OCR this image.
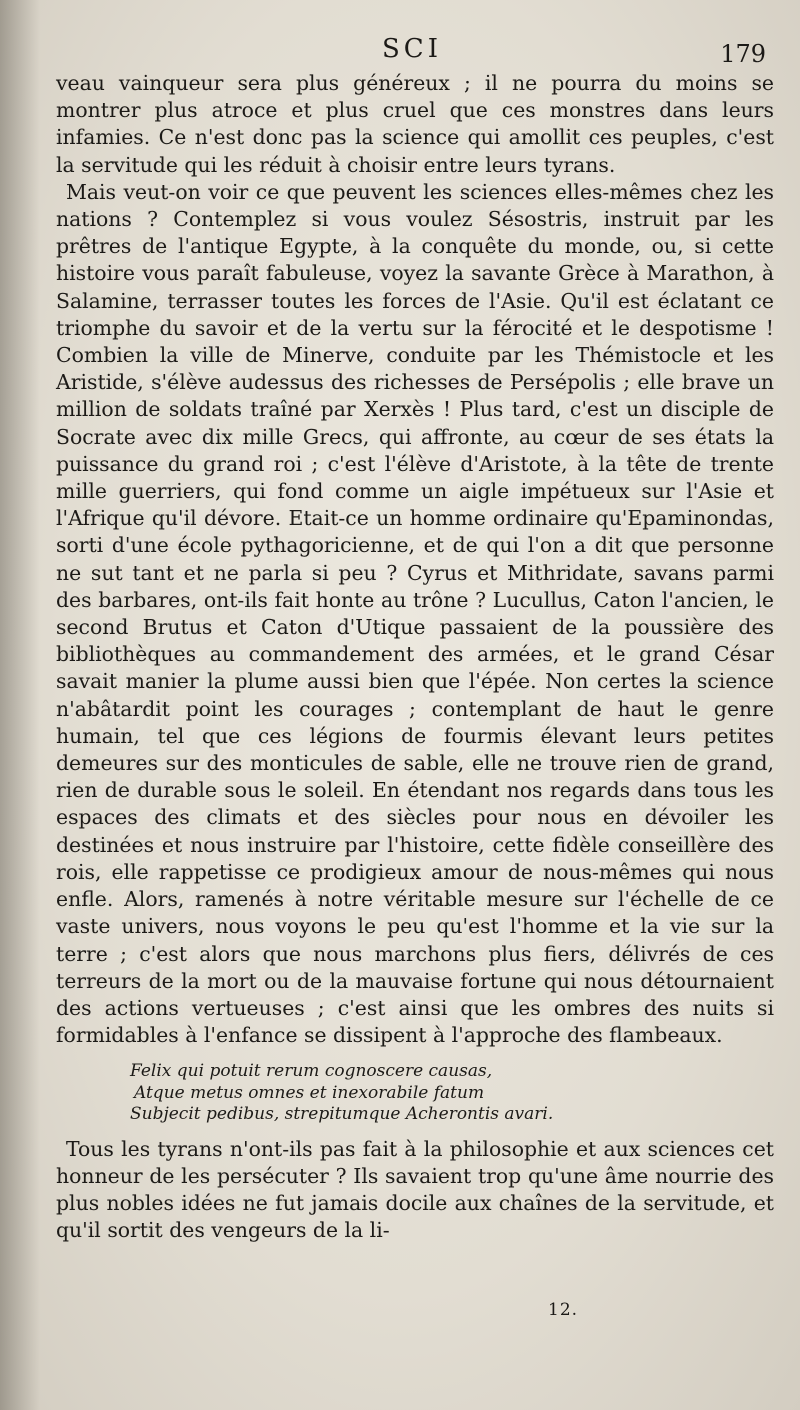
SCI	179

veau vainqueur sera plus généreux ; il ne pourra du moins se montrer plus atroce et plus cruel que ces monstres dans leurs infamies. Ce n'est donc pas la science qui amollit ces peuples, c'est la servitude qui les réduit à choisir entre leurs tyrans.

Mais veut-on voir ce que peuvent les sciences elles-mêmes chez les nations ? Contemplez si vous voulez Sésostris, instruit par les prêtres de l'antique Egypte, à la conquête du monde, ou, si cette histoire vous paraît fabuleuse, voyez la savante Grèce à Marathon, à Salamine, terrasser toutes les forces de l'Asie. Qu'il est éclatant ce triomphe du savoir et de la vertu sur la férocité et le despotisme ! Combien la ville de Minerve, conduite par les Thémistocle et les Aristide, s'élève audessus des richesses de Persépolis ; elle brave un million de soldats traîné par Xerxès ! Plus tard, c'est un disciple de Socrate avec dix mille Grecs, qui affronte, au cœur de ses états la puissance du grand roi ; c'est l'élève d'Aristote, à la tête de trente mille guerriers, qui fond comme un aigle impétueux sur l'Asie et l'Afrique qu'il dévore. Etait-ce un homme ordinaire qu'Epaminondas, sorti d'une école pythagoricienne, et de qui l'on a dit que personne ne sut tant et ne parla si peu ? Cyrus et Mithridate, savans parmi des barbares, ont-ils fait honte au trône ? Lucullus, Caton l'ancien, le second Brutus et Caton d'Utique passaient de la poussière des bibliothèques au commandement des armées, et le grand César savait manier la plume aussi bien que l'épée. Non certes la science n'abâtardit point les courages ; contemplant de haut le genre humain, tel que ces légions de fourmis élevant leurs petites demeures sur des monticules de sable, elle ne trouve rien de grand, rien de durable sous le soleil. En étendant nos regards dans tous les espaces des climats et des siècles pour nous en dévoiler les destinées et nous instruire par l'histoire, cette fidèle conseillère des rois, elle rappetisse ce prodigieux amour de nous-mêmes qui nous enfle. Alors, ramenés à notre véritable mesure sur l'échelle de ce vaste univers, nous voyons le peu qu'est l'homme et la vie sur la terre ; c'est alors que nous marchons plus fiers, délivrés de ces terreurs de la mort ou de la mauvaise fortune qui nous détournaient des actions vertueuses ; c'est ainsi que les ombres des nuits si formidables à l'enfance se dissipent à l'approche des flambeaux.

Felix qui potuit rerum cognoscere causas,
Atque metus omnes et inexorabile fatum
Subjecit pedibus, strepitumque Acherontis avari.

Tous les tyrans n'ont-ils pas fait à la philosophie et aux sciences cet honneur de les persécuter ? Ils savaient trop qu'une âme nourrie des plus nobles idées ne fut jamais docile aux chaînes de la servitude, et qu'il sortit des vengeurs de la li-

12.
